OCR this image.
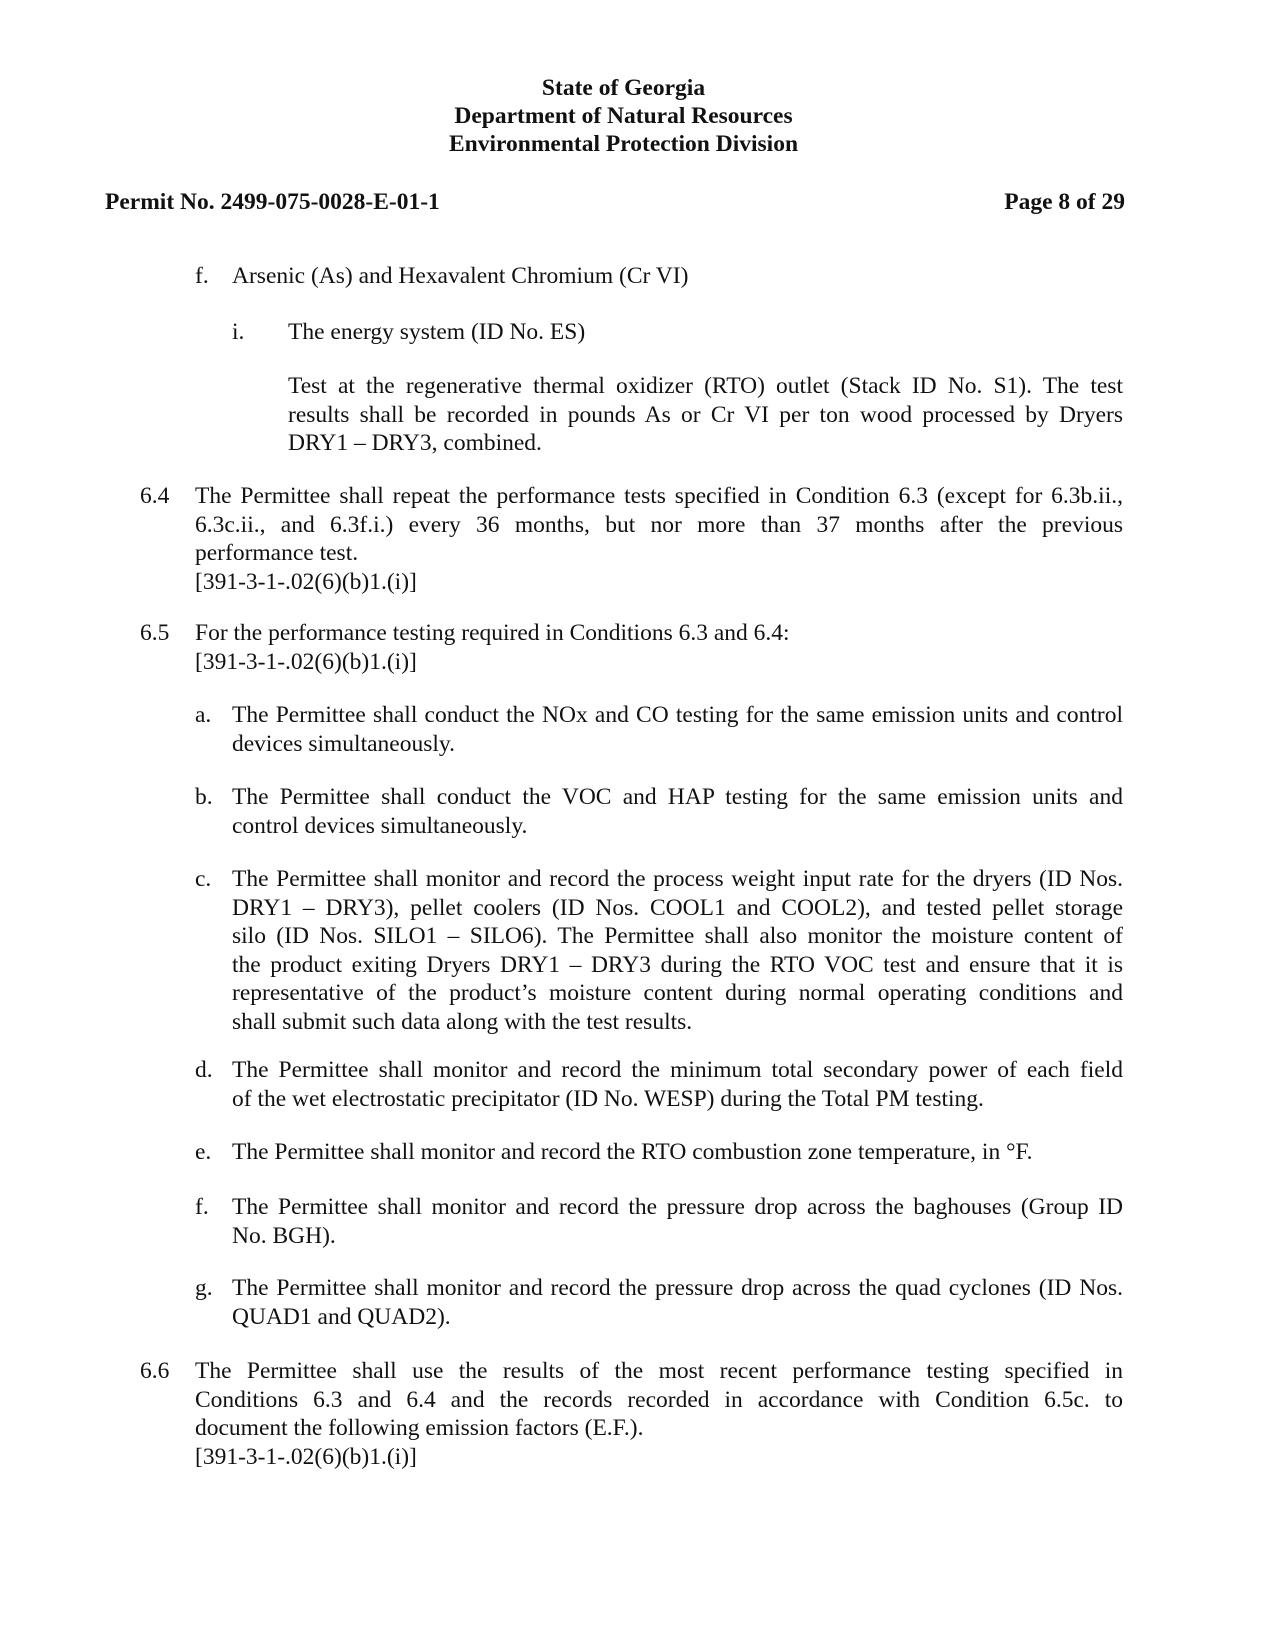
State of Georgia
Department of Natural Resources
Environmental Protection Division
Permit No. 2499-075-0028-E-01-1	Page 8 of 29
f. Arsenic (As) and Hexavalent Chromium (Cr VI)
i. The energy system (ID No. ES)
Test at the regenerative thermal oxidizer (RTO) outlet (Stack ID No. S1). The test
results shall be recorded in pounds As or Cr VI per ton wood processed by Dryers
DRY1 – DRY3, combined.
6.4 The Permittee shall repeat the performance tests specified in Condition 6.3 (except for 6.3b.ii.,
6.3c.ii., and 6.3f.i.) every 36 months, but nor more than 37 months after the previous
performance test.
[391-3-1-.02(6)(b)1.(i)]
6.5 For the performance testing required in Conditions 6.3 and 6.4:
[391-3-1-.02(6)(b)1.(i)]
a. The Permittee shall conduct the NOx and CO testing for the same emission units and control
devices simultaneously.
b. The Permittee shall conduct the VOC and HAP testing for the same emission units and
control devices simultaneously.
c. The Permittee shall monitor and record the process weight input rate for the dryers (ID Nos.
DRY1 – DRY3), pellet coolers (ID Nos. COOL1 and COOL2), and tested pellet storage
silo (ID Nos. SILO1 – SILO6). The Permittee shall also monitor the moisture content of
the product exiting Dryers DRY1 – DRY3 during the RTO VOC test and ensure that it is
representative of the product’s moisture content during normal operating conditions and
shall submit such data along with the test results.
d. The Permittee shall monitor and record the minimum total secondary power of each field
of the wet electrostatic precipitator (ID No. WESP) during the Total PM testing.
e. The Permittee shall monitor and record the RTO combustion zone temperature, in °F.
f. The Permittee shall monitor and record the pressure drop across the baghouses (Group ID
No. BGH).
g. The Permittee shall monitor and record the pressure drop across the quad cyclones (ID Nos.
QUAD1 and QUAD2).
6.6 The Permittee shall use the results of the most recent performance testing specified in
Conditions 6.3 and 6.4 and the records recorded in accordance with Condition 6.5c. to
document the following emission factors (E.F.).
[391-3-1-.02(6)(b)1.(i)]
